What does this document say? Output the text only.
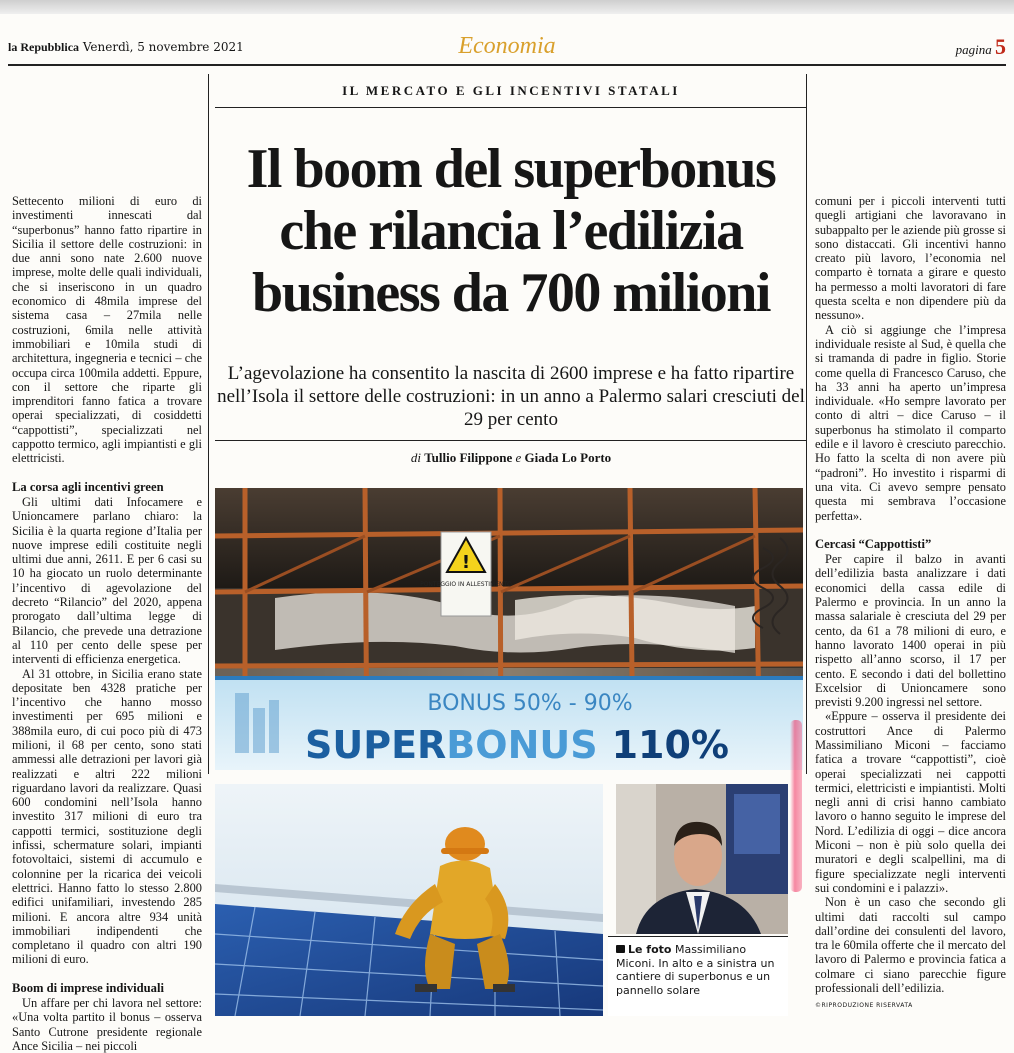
la Repubblica Venerdì, 5 novembre 2021	Economia	pagina 5
IL MERCATO E GLI INCENTIVI STATALI
Il boom del superbonus
che rilancia l’edilizia
business da 700 milioni
L’agevolazione ha consentito la nascita di 2600 imprese e ha fatto ripartire nell’Isola il settore delle costruzioni: in un anno a Palermo salari cresciuti del 29 per cento
di Tullio Filippone e Giada Lo Porto

Settecento milioni di euro di investimenti innescati dal “superbonus” hanno fatto ripartire in Sicilia il settore delle costruzioni: in due anni sono nate 2.600 nuove imprese, molte delle quali individuali, che si inseriscono in un quadro economico di 48mila imprese del sistema casa – 27mila nelle costruzioni, 6mila nelle attività immobiliari e 10mila studi di architettura, ingegneria e tecnici – che occupa circa 100mila addetti. Eppure, con il settore che riparte gli imprenditori fanno fatica a trovare operai specializzati, di cosiddetti “cappottisti”, specializzati nel cappotto termico, agli impiantisti e gli elettricisti.

La corsa agli incentivi green

Gli ultimi dati Infocamere e Unioncamere parlano chiaro: la Sicilia è la quarta regione d’Italia per nuove imprese edili costituite negli ultimi due anni, 2611. E per 6 casi su 10 ha giocato un ruolo determinante l’incentivo di agevolazione del decreto “Rilancio” del 2020, appena prorogato dall’ultima legge di Bilancio, che prevede una detrazione al 110 per cento delle spese per interventi di efficienza energetica.

Al 31 ottobre, in Sicilia erano state depositate ben 4328 pratiche per l’incentivo che hanno mosso investimenti per 695 milioni e 388mila euro, di cui poco più di 473 milioni, il 68 per cento, sono stati ammessi alle detrazioni per lavori già realizzati e altri 222 milioni riguardano lavori da realizzare. Quasi 600 condomini nell’Isola hanno investito 317 milioni di euro tra cappotti termici, sostituzione degli infissi, schermature solari, impianti fotovoltaici, sistemi di accumulo e colonnine per la ricarica dei veicoli elettrici. Hanno fatto lo stesso 2.800 edifici unifamiliari, investendo 285 milioni. E ancora altre 934 unità immobiliari indipendenti che completano il quadro con altri 190 milioni di euro.

Boom di imprese individuali

Un affare per chi lavora nel settore: «Una volta partito il bonus – osserva Santo Cutrone presidente regionale Ance Sicilia – nei piccoli

comuni per i piccoli interventi tutti quegli artigiani che lavoravano in subappalto per le aziende più grosse si sono distaccati. Gli incentivi hanno creato più lavoro, l’economia nel comparto è tornata a girare e questo ha permesso a molti lavoratori di fare questa scelta e non dipendere più da nessuno».

A ciò si aggiunge che l’impresa individuale resiste al Sud, è quella che si tramanda di padre in figlio. Storie come quella di Francesco Caruso, che ha 33 anni ha aperto un’impresa individuale. «Ho sempre lavorato per conto di altri – dice Caruso – il superbonus ha stimolato il comparto edile e il lavoro è cresciuto parecchio. Ho fatto la scelta di non avere più “padroni”. Ho investito i risparmi di una vita. Ci avevo sempre pensato questa mi sembrava l’occasione perfetta».

Cercasi “Cappottisti”

Per capire il balzo in avanti dell’edilizia basta analizzare i dati economici della cassa edile di Palermo e provincia. In un anno la massa salariale è cresciuta del 29 per cento, da 61 a 78 milioni di euro, e hanno lavorato 1400 operai in più rispetto all’anno scorso, il 17 per cento. E secondo i dati del bollettino Excelsior di Unioncamere sono previsti 9.200 ingressi nel settore.

«Eppure – osserva il presidente dei costruttori Ance di Palermo Massimiliano Miconi – facciamo fatica a trovare “cappottisti”, cioè operai specializzati nei cappotti termici, elettricisti e impiantisti. Molti negli anni di crisi hanno cambiato lavoro o hanno seguito le imprese del Nord. L’edilizia di oggi – dice ancora Miconi – non è più solo quella dei muratori e degli scalpellini, ma di figure specializzate negli interventi sui condomini e i palazzi».

Non è un caso che secondo gli ultimi dati raccolti sul campo dall’ordine dei consulenti del lavoro, tra le 60mila offerte che il mercato del lavoro di Palermo e provincia fatica a colmare ci siano parecchie figure professionali dell’edilizia.

©RIPRODUZIONE RISERVATA
!
PONTEGGIO IN ALLESTIMENTO
BONUS 50% - 90%
SUPERBONUS 110%
Le foto Massimiliano Miconi. In alto e a sinistra un cantiere di superbonus e un pannello solare
